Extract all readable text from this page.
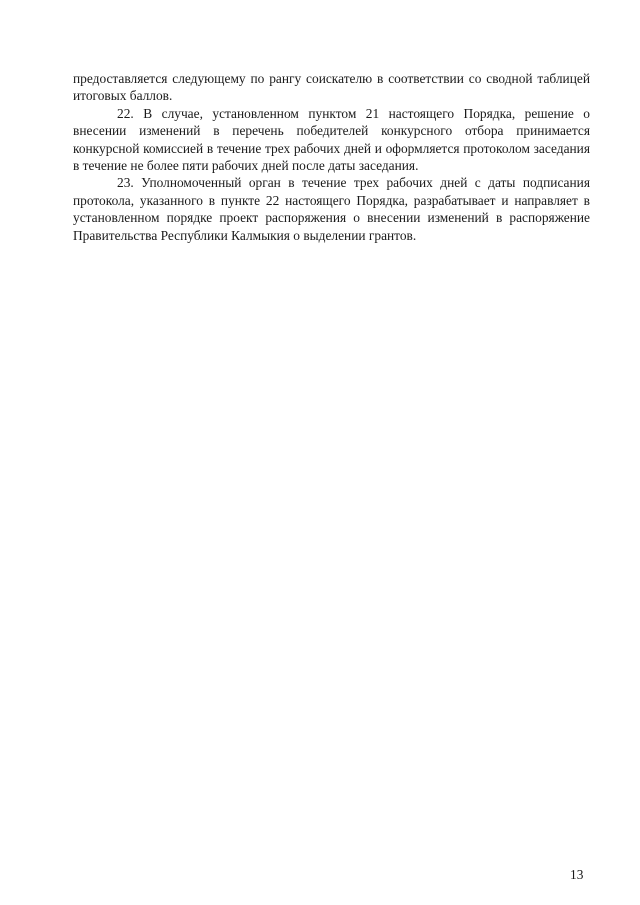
предоставляется следующему по рангу соискателю в соответствии со сводной таблицей итоговых баллов.

22. В случае, установленном пунктом 21 настоящего Порядка, решение о внесении изменений в перечень победителей конкурсного отбора принимается конкурсной комиссией в течение трех рабочих дней и оформляется протоколом заседания в течение не более пяти рабочих дней после даты заседания.

23. Уполномоченный орган в течение трех рабочих дней с даты подписания протокола, указанного в пункте 22 настоящего Порядка, разрабатывает и направляет в установленном порядке проект распоряжения о внесении изменений в распоряжение Правительства Республики Калмыкия о выделении грантов.

13
